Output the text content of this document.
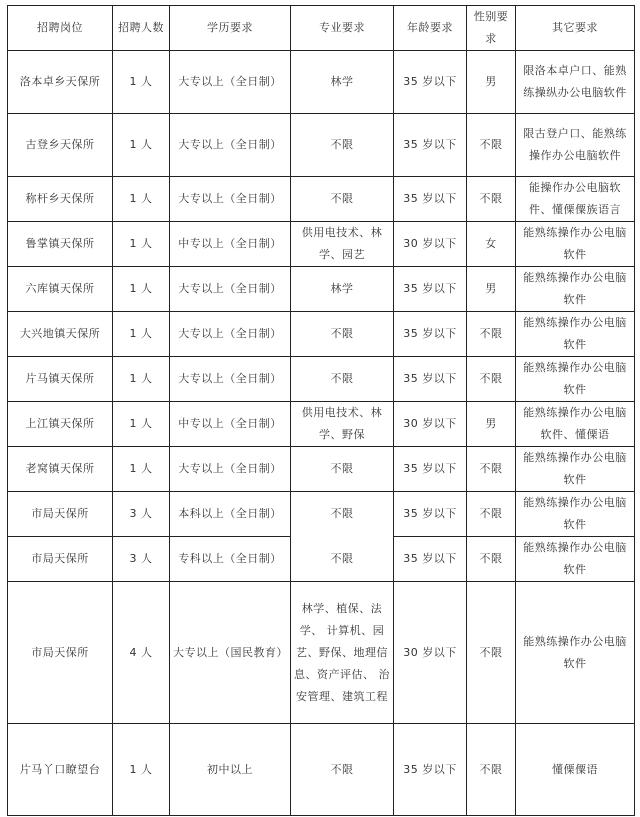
招聘岗位	招聘人数	学历要求	专业要求	年龄要求	性别要求	其它要求
洛本卓乡天保所	1 人	大专以上（全日制）	林学	35 岁以下	男	限洛本卓户口、能熟练操纵办公电脑软件
古登乡天保所	1 人	大专以上（全日制）	不限	35 岁以下	不限	限古登户口、能熟练操作办公电脑软件
称杆乡天保所	1 人	大专以上（全日制）	不限	35 岁以下	不限	能操作办公电脑软件、懂傈僳族语言
鲁掌镇天保所	1 人	中专以上（全日制）	供用电技术、林学、园艺	30 岁以下	女	能熟练操作办公电脑软件
六库镇天保所	1 人	大专以上（全日制）	林学	35 岁以下	男	能熟练操作办公电脑软件
大兴地镇天保所	1 人	大专以上（全日制）	不限	35 岁以下	不限	能熟练操作办公电脑软件
片马镇天保所	1 人	大专以上（全日制）	不限	35 岁以下	不限	能熟练操作办公电脑软件
上江镇天保所	1 人	中专以上（全日制）	供用电技术、林学、野保	30 岁以下	男	能熟练操作办公电脑软件、懂傈语
老窝镇天保所	1 人	大专以上（全日制）	不限	35 岁以下	不限	能熟练操作办公电脑软件
市局天保所	3 人	本科以上（全日制）	不限	35 岁以下	不限	能熟练操作办公电脑软件
市局天保所	3 人	专科以上（全日制）	不限	35 岁以下	不限	能熟练操作办公电脑软件
市局天保所	4 人	大专以上（国民教育）	林学、植保、法学、 计算机、园艺、野保、地理信息、资产评估、 治安管理、建筑工程	30 岁以下	不限	能熟练操作办公电脑软件
片马丫口瞭望台	1 人	初中以上	不限	35 岁以下	不限	懂傈僳语
